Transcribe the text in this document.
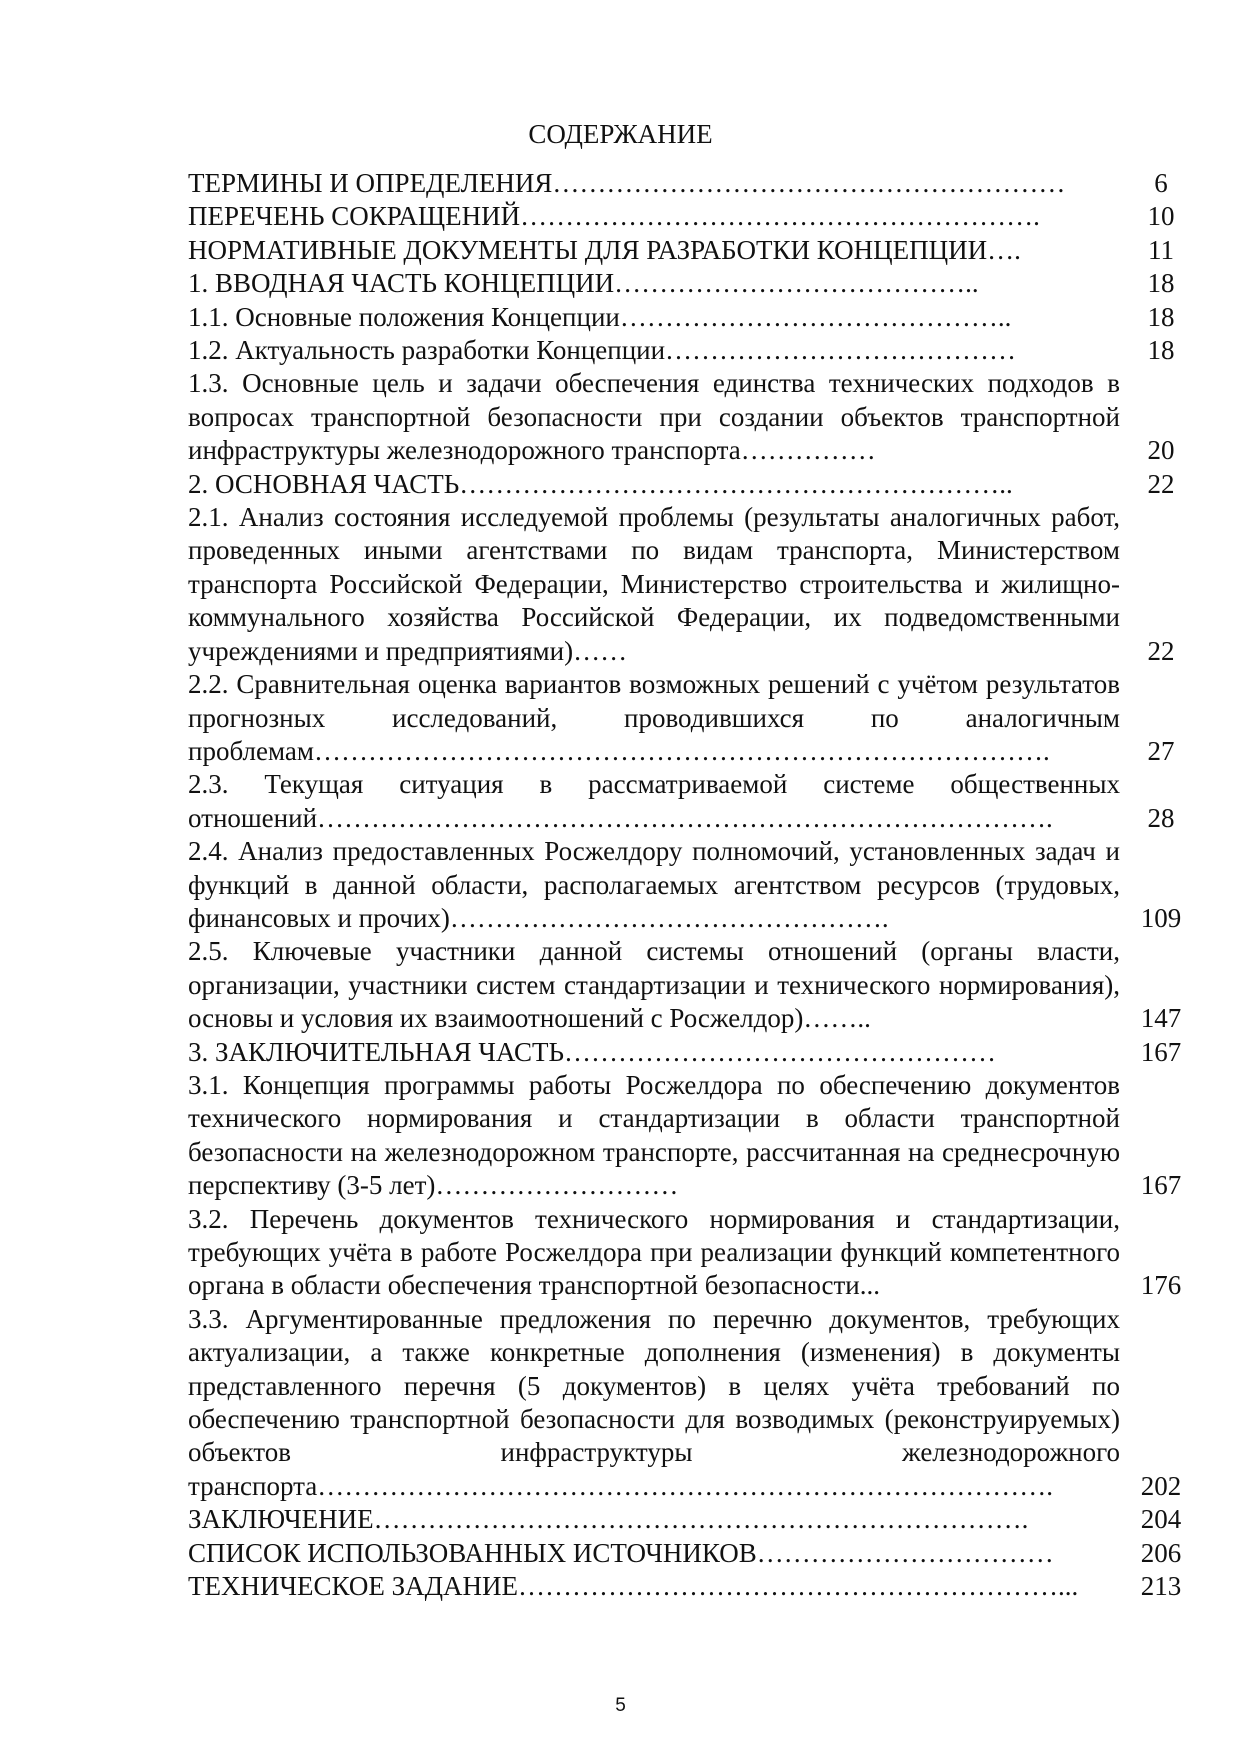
СОДЕРЖАНИЕ
ТЕРМИНЫ И ОПРЕДЕЛЕНИЯ…………………………………………………	6
ПЕРЕЧЕНЬ СОКРАЩЕНИЙ………………………………………………….	10
НОРМАТИВНЫЕ ДОКУМЕНТЫ ДЛЯ РАЗРАБОТКИ КОНЦЕПЦИИ….	11
1. ВВОДНАЯ ЧАСТЬ КОНЦЕПЦИИ…………………………………..	18
1.1. Основные положения Концепции……………………………………..	18
1.2. Актуальность разработки Концепции…………………………………	18
1.3. Основные цель и задачи обеспечения единства технических подходов в вопросах транспортной безопасности при создании объектов транспортной инфраструктуры железнодорожного транспорта……………	20
2. ОСНОВНАЯ ЧАСТЬ……………………………………………………..	22
2.1. Анализ состояния исследуемой проблемы (результаты аналогичных работ, проведенных иными агентствами по видам транспорта, Министерством транспорта Российской Федерации, Министерство строительства и жилищно-коммунального хозяйства Российской Федерации, их подведомственными учреждениями и предприятиями)……	22
2.2. Сравнительная оценка вариантов возможных решений с учётом результатов прогнозных исследований, проводившихся по аналогичным проблемам……………………………………………………………………….	27
2.3. Текущая ситуация в рассматриваемой системе общественных отношений……………………………………………………………………….	28
2.4. Анализ предоставленных Росжелдору полномочий, установленных задач и функций в данной области, располагаемых агентством ресурсов (трудовых, финансовых и прочих)………………………………………….	109
2.5. Ключевые участники данной системы отношений (органы власти, организации, участники систем стандартизации и технического нормирования), основы и условия их взаимоотношений с Росжелдор)……..	147
3. ЗАКЛЮЧИТЕЛЬНАЯ ЧАСТЬ…………………………………………	167
3.1. Концепция программы работы Росжелдора по обеспечению документов технического нормирования и стандартизации в области транспортной безопасности на железнодорожном транспорте, рассчитанная на среднесрочную перспективу (3-5 лет)………………………	167
3.2. Перечень документов технического нормирования и стандартизации, требующих учёта в работе Росжелдора при реализации функций компетентного органа в области обеспечения транспортной безопасности...	176
3.3. Аргументированные предложения по перечню документов, требующих актуализации, а также конкретные дополнения (изменения) в документы представленного перечня (5 документов) в целях учёта требований по обеспечению транспортной безопасности для возводимых (реконструируемых) объектов инфраструктуры железнодорожного транспорта……………………………………………………………………….	202
ЗАКЛЮЧЕНИЕ……………………………………………………………….	204
СПИСОК ИСПОЛЬЗОВАННЫХ ИСТОЧНИКОВ……………………………	206
ТЕХНИЧЕСКОЕ ЗАДАНИЕ……………………………………………………...	213
5
